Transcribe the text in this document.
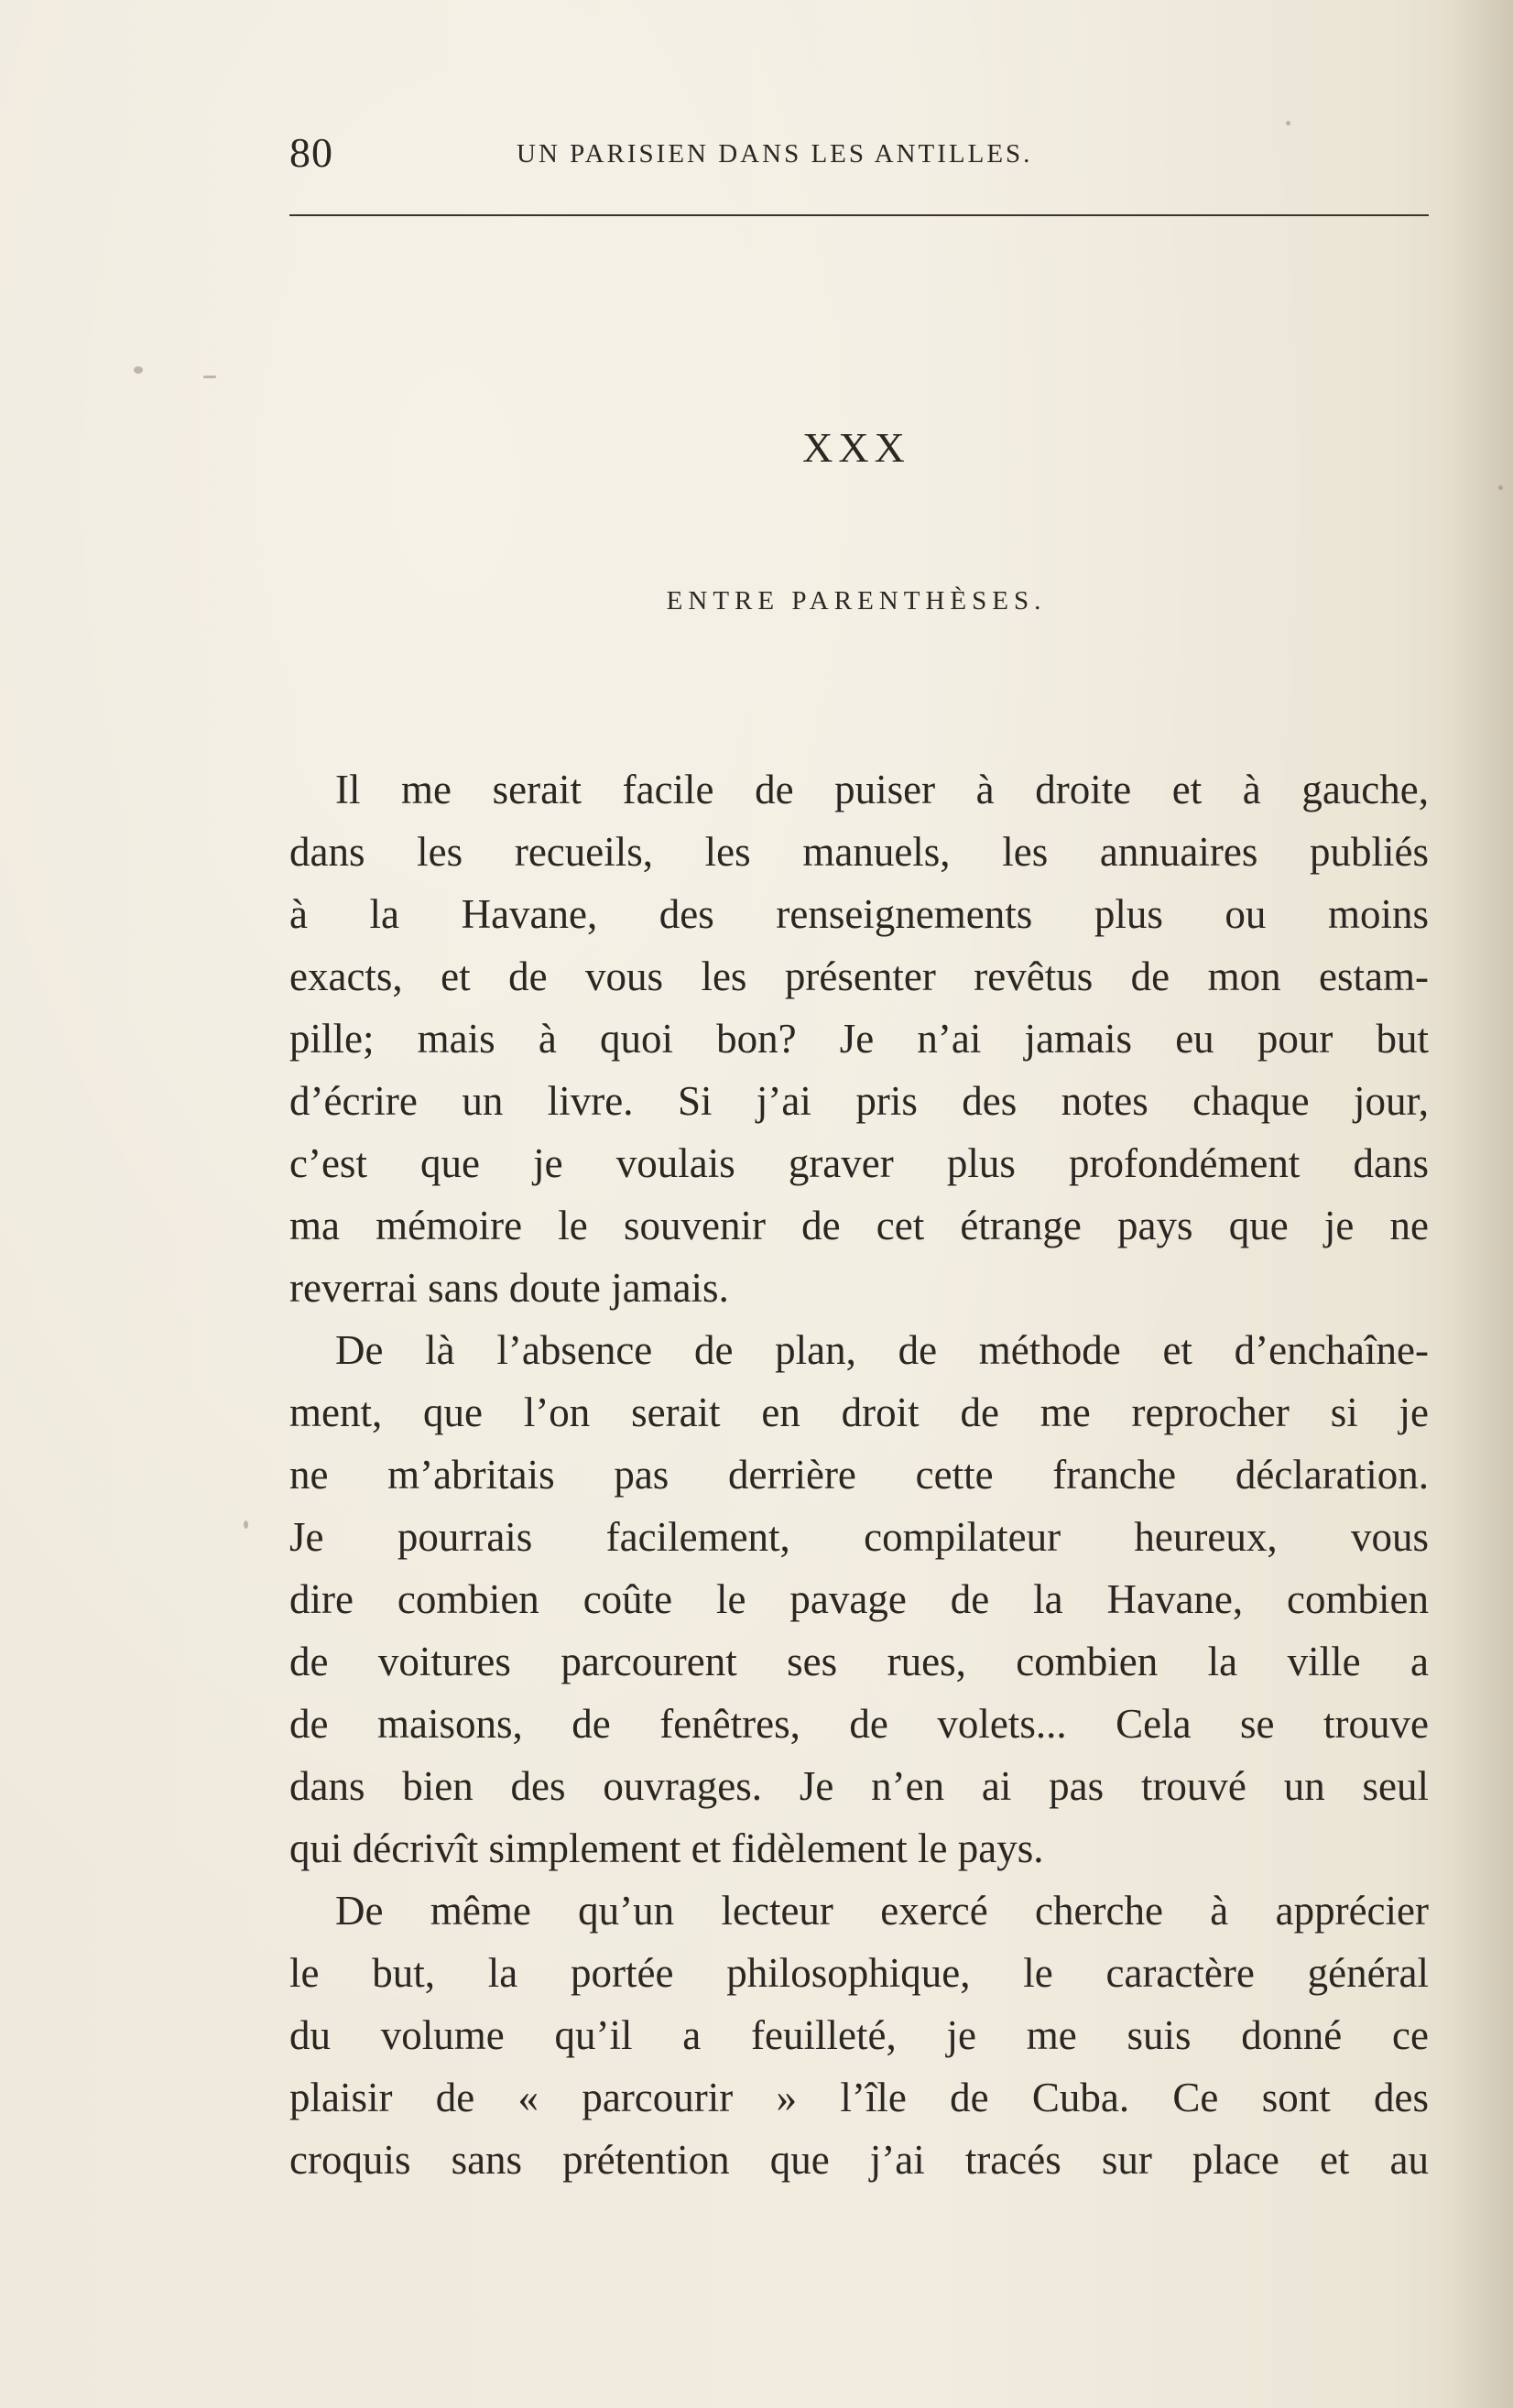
80	UN PARISIEN DANS LES ANTILLES.
XXX
ENTRE PARENTHÈSES.
Il me serait facile de puiser à droite et à gauche,
dans les recueils, les manuels, les annuaires publiés
à la Havane, des renseignements plus ou moins
exacts, et de vous les présenter revêtus de mon estam-
pille; mais à quoi bon? Je n’ai jamais eu pour but
d’écrire un livre. Si j’ai pris des notes chaque jour,
c’est que je voulais graver plus profondément dans
ma mémoire le souvenir de cet étrange pays que je ne
reverrai sans doute jamais.
De là l’absence de plan, de méthode et d’enchaîne-
ment, que l’on serait en droit de me reprocher si je
ne m’abritais pas derrière cette franche déclaration.
Je pourrais facilement, compilateur heureux, vous
dire combien coûte le pavage de la Havane, combien
de voitures parcourent ses rues, combien la ville a
de maisons, de fenêtres, de volets... Cela se trouve
dans bien des ouvrages. Je n’en ai pas trouvé un seul
qui décrivît simplement et fidèlement le pays.
De même qu’un lecteur exercé cherche à apprécier
le but, la portée philosophique, le caractère général
du volume qu’il a feuilleté, je me suis donné ce
plaisir de « parcourir » l’île de Cuba. Ce sont des
croquis sans prétention que j’ai tracés sur place et au
